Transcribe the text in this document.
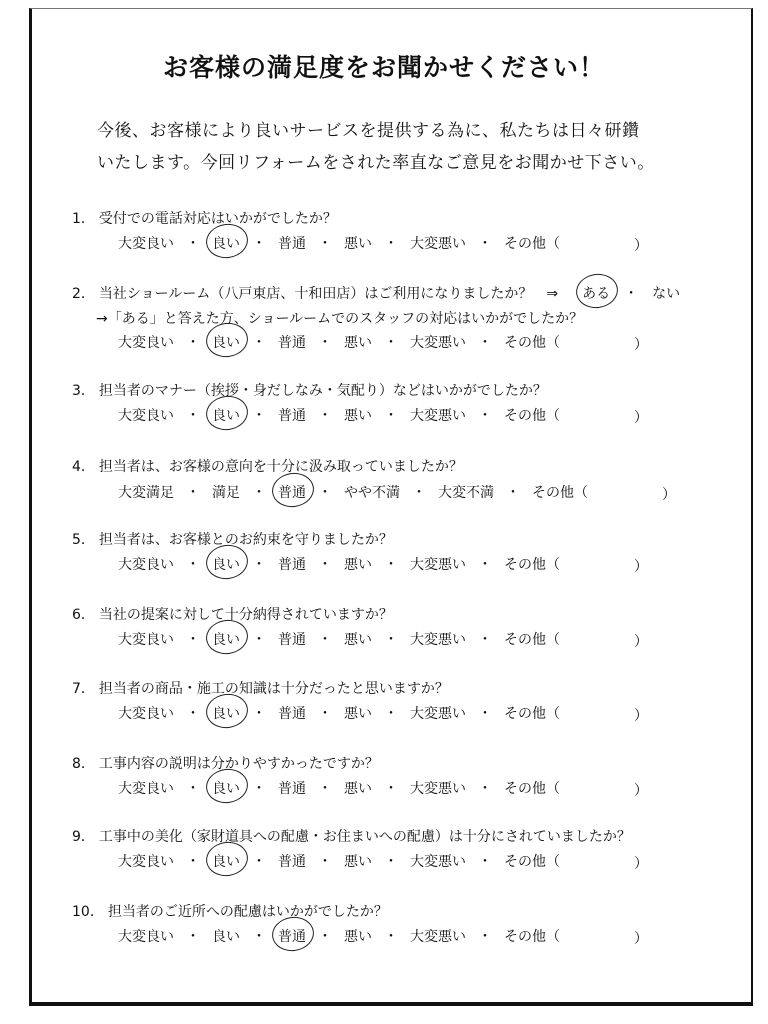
お客様の満足度をお聞かせください！
今後、お客様により良いサービスを提供する為に、私たちは日々研鑽
いたします。今回リフォームをされた率直なご意見をお聞かせ下さい。
1． 受付での電話対応はいかがでしたか？
大変良い ・ 良い ・ 普通 ・ 悪い ・ 大変悪い ・ その他（	）

2． 当社ショールーム（八戸東店、十和田店）はご利用になりましたか？　⇒ ある ・ ない
→「ある」と答えた方、ショールームでのスタッフの対応はいかがでしたか？
大変良い ・ 良い ・ 普通 ・ 悪い ・ 大変悪い ・ その他（	）

3． 担当者のマナー（挨拶・身だしなみ・気配り）などはいかがでしたか？
大変良い ・ 良い ・ 普通 ・ 悪い ・ 大変悪い ・ その他（	）

4． 担当者は、お客様の意向を十分に汲み取っていましたか？
大変満足 ・ 満足 ・ 普通 ・ やや不満 ・ 大変不満 ・ その他（	）

5． 担当者は、お客様とのお約束を守りましたか？
大変良い ・ 良い ・ 普通 ・ 悪い ・ 大変悪い ・ その他（	）

6． 当社の提案に対して十分納得されていますか？
大変良い ・ 良い ・ 普通 ・ 悪い ・ 大変悪い ・ その他（	）

7． 担当者の商品・施工の知識は十分だったと思いますか？
大変良い ・ 良い ・ 普通 ・ 悪い ・ 大変悪い ・ その他（	）

8． 工事内容の説明は分かりやすかったですか？
大変良い ・ 良い ・ 普通 ・ 悪い ・ 大変悪い ・ その他（	）

9． 工事中の美化（家財道具への配慮・お住まいへの配慮）は十分にされていましたか？
大変良い ・ 良い ・ 普通 ・ 悪い ・ 大変悪い ・ その他（	）

10． 担当者のご近所への配慮はいかがでしたか？
大変良い ・ 良い ・ 普通 ・ 悪い ・ 大変悪い ・ その他（	）
